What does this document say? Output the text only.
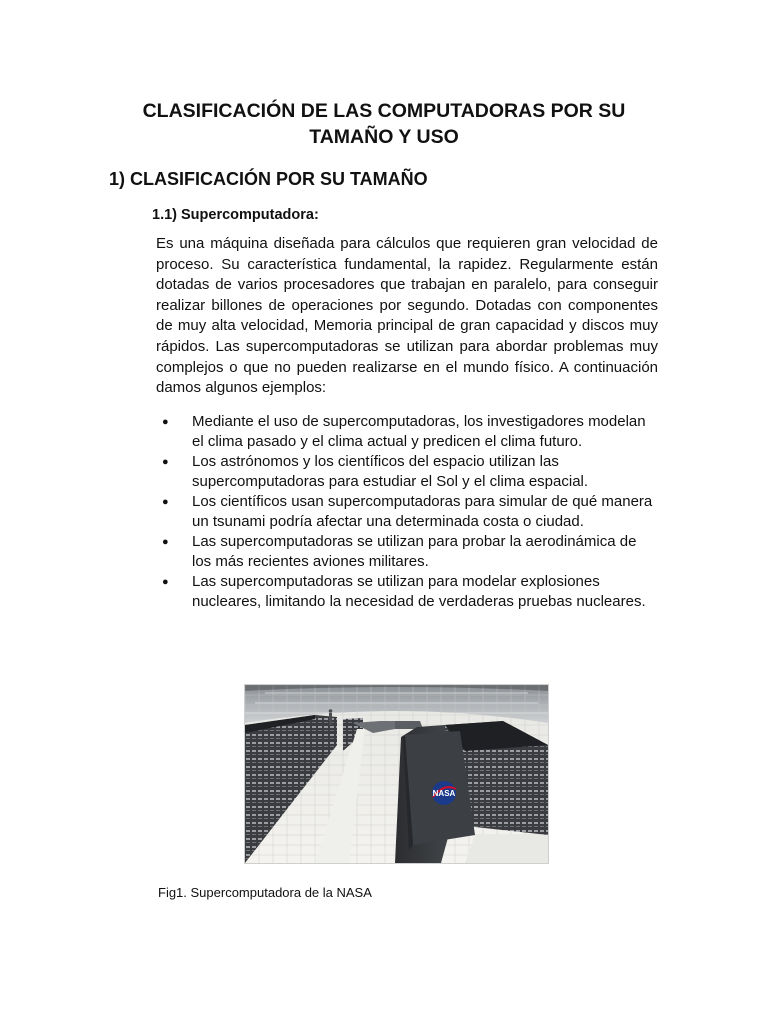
CLASIFICACIÓN DE LAS COMPUTADORAS POR SU TAMAÑO Y USO
1) CLASIFICACIÓN POR SU TAMAÑO
1.1) Supercomputadora:

Es una máquina diseñada para cálculos que requieren gran velocidad de proceso. Su característica fundamental, la rapidez. Regularmente están dotadas de varios procesadores que trabajan en paralelo, para conseguir realizar billones de operaciones por segundo. Dotadas con componentes de muy alta velocidad, Memoria principal de gran capacidad y discos muy rápidos. Las supercomputadoras se utilizan para abordar problemas muy complejos o que no pueden realizarse en el mundo físico. A continuación damos algunos ejemplos:

● Mediante el uso de supercomputadoras, los investigadores modelan el clima pasado y el clima actual y predicen el clima futuro.
● Los astrónomos y los científicos del espacio utilizan las supercomputadoras para estudiar el Sol y el clima espacial.
● Los científicos usan supercomputadoras para simular de qué manera un tsunami podría afectar una determinada costa o ciudad.
● Las supercomputadoras se utilizan para probar la aerodinámica de los más recientes aviones militares.
● Las supercomputadoras se utilizan para modelar explosiones nucleares, limitando la necesidad de verdaderas pruebas nucleares.
NASA

Fig1. Supercomputadora de la NASA
